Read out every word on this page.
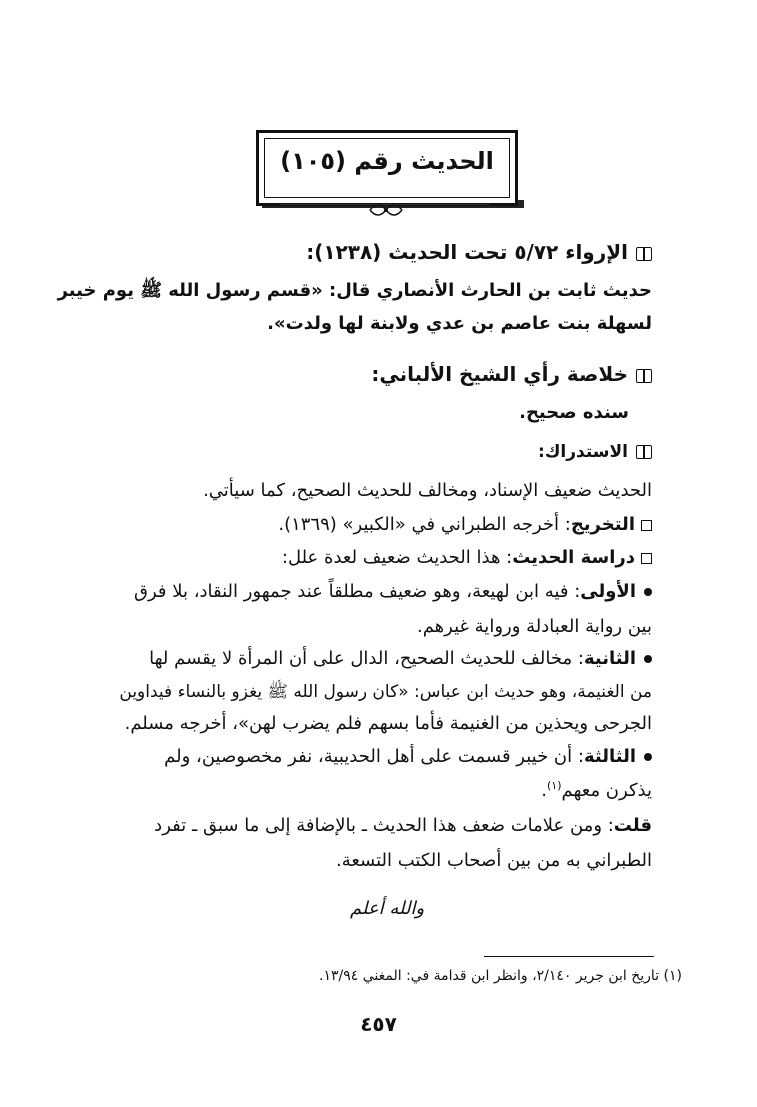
الحديث رقم (١٠٥)
الإرواء ٥/٧٢ تحت الحديث (١٢٣٨):
حديث ثابت بن الحارث الأنصاري قال: «قسم رسول الله ﷺ يوم خيبر
لسهلة بنت عاصم بن عدي ولابنة لها ولدت».
خلاصة رأي الشيخ الألباني:
سنده صحيح.
الاستدراك:
الحديث ضعيف الإسناد، ومخالف للحديث الصحيح، كما سيأتي.
التخريج: أخرجه الطبراني في «الكبير» (١٣٦٩).
دراسة الحديث: هذا الحديث ضعيف لعدة علل:
الأولى: فيه ابن لهيعة، وهو ضعيف مطلقاً عند جمهور النقاد، بلا فرق
بين رواية العبادلة ورواية غيرهم.
الثانية: مخالف للحديث الصحيح، الدال على أن المرأة لا يقسم لها
من الغنيمة، وهو حديث ابن عباس: «كان رسول الله ﷺ يغزو بالنساء فيداوين
الجرحى ويحذين من الغنيمة فأما بسهم فلم يضرب لهن»، أخرجه مسلم.
الثالثة: أن خيبر قسمت على أهل الحديبية، نفر مخصوصين، ولم
يذكرن معهم$^{(١)}$.
قلت: ومن علامات ضعف هذا الحديث ـ بالإضافة إلى ما سبق ـ تفرد
الطبراني به من بين أصحاب الكتب التسعة.
والله أعلم
(١) تاريخ ابن جرير ٢/١٤٠، وانظر ابن قدامة في: المغني ١٣/٩٤.
٤٥٧
